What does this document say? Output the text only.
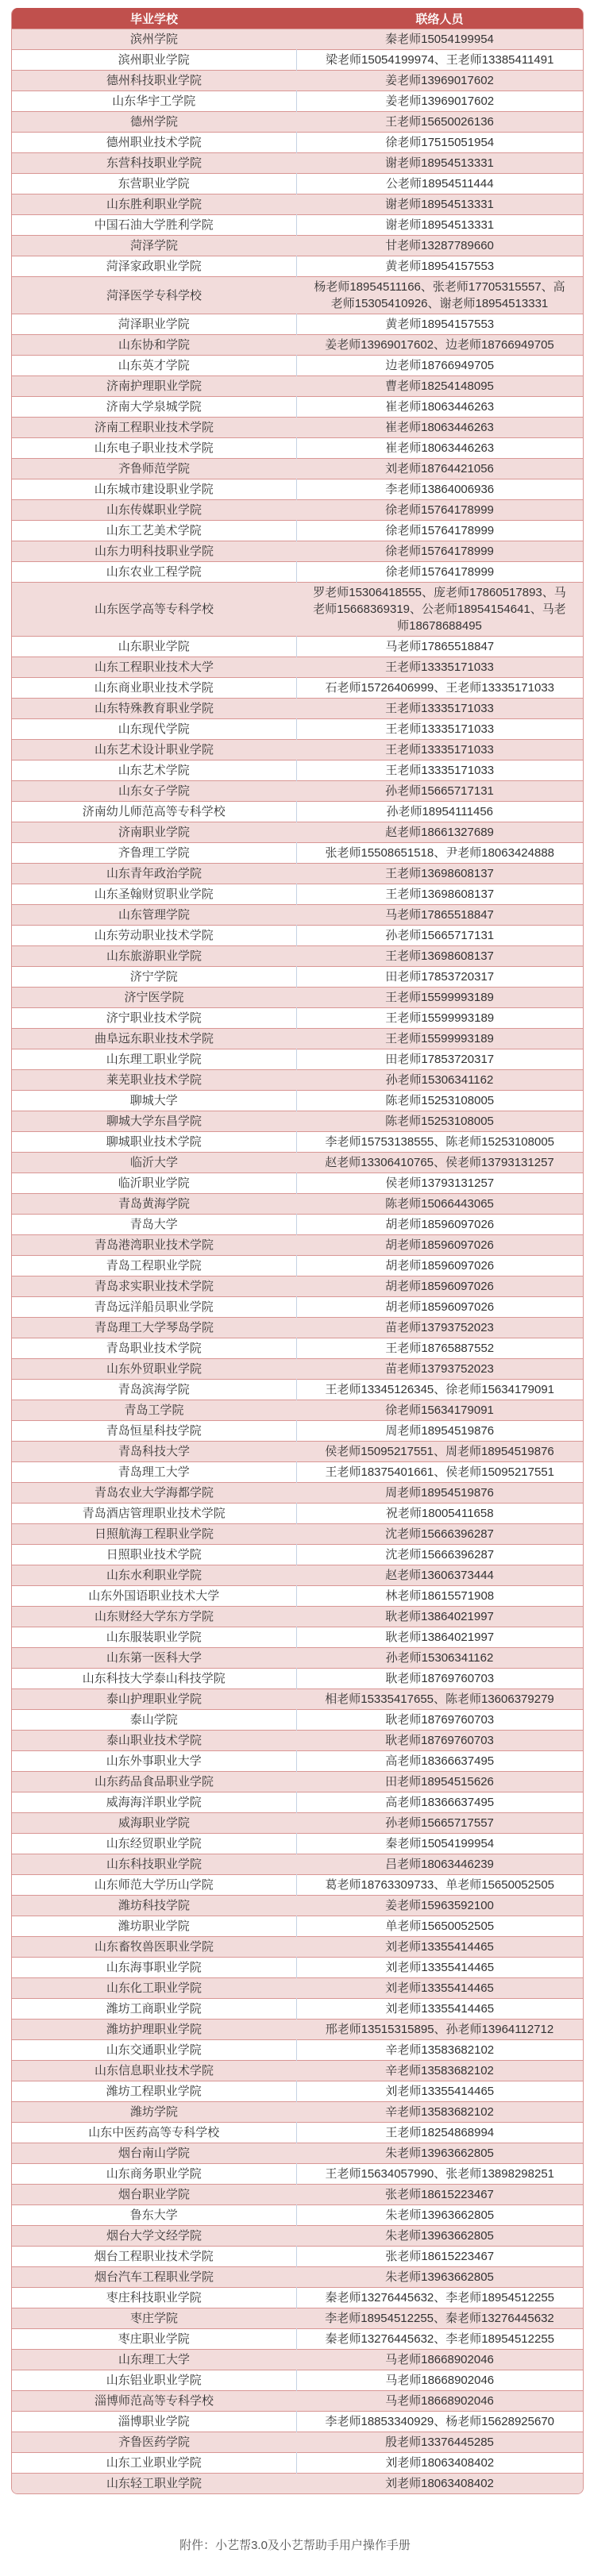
毕业学校	联络人员
滨州学院	秦老师15054199954
滨州职业学院	梁老师15054199974、王老师13385411491
德州科技职业学院	姜老师13969017602
山东华宇工学院	姜老师13969017602
德州学院	王老师15650026136
德州职业技术学院	徐老师17515051954
东营科技职业学院	谢老师18954513331
东营职业学院	公老师18954511444
山东胜利职业学院	谢老师18954513331
中国石油大学胜利学院	谢老师18954513331
菏泽学院	甘老师13287789660
菏泽家政职业学院	黄老师18954157553
菏泽医学专科学校	杨老师18954511166、张老师17705315557、高老师15305410926、谢老师18954513331
菏泽职业学院	黄老师18954157553
山东协和学院	姜老师13969017602、边老师18766949705
山东英才学院	边老师18766949705
济南护理职业学院	曹老师18254148095
济南大学泉城学院	崔老师18063446263
济南工程职业技术学院	崔老师18063446263
山东电子职业技术学院	崔老师18063446263
齐鲁师范学院	刘老师18764421056
山东城市建设职业学院	李老师13864006936
山东传媒职业学院	徐老师15764178999
山东工艺美术学院	徐老师15764178999
山东力明科技职业学院	徐老师15764178999
山东农业工程学院	徐老师15764178999
山东医学高等专科学校	罗老师15306418555、庞老师17860517893、马老师15668369319、公老师18954154641、马老师18678688495
山东职业学院	马老师17865518847
山东工程职业技术大学	王老师13335171033
山东商业职业技术学院	石老师15726406999、王老师13335171033
山东特殊教育职业学院	王老师13335171033
山东现代学院	王老师13335171033
山东艺术设计职业学院	王老师13335171033
山东艺术学院	王老师13335171033
山东女子学院	孙老师15665717131
济南幼儿师范高等专科学校	孙老师18954111456
济南职业学院	赵老师18661327689
齐鲁理工学院	张老师15508651518、尹老师18063424888
山东青年政治学院	王老师13698608137
山东圣翰财贸职业学院	王老师13698608137
山东管理学院	马老师17865518847
山东劳动职业技术学院	孙老师15665717131
山东旅游职业学院	王老师13698608137
济宁学院	田老师17853720317
济宁医学院	王老师15599993189
济宁职业技术学院	王老师15599993189
曲阜远东职业技术学院	王老师15599993189
山东理工职业学院	田老师17853720317
莱芜职业技术学院	孙老师15306341162
聊城大学	陈老师15253108005
聊城大学东昌学院	陈老师15253108005
聊城职业技术学院	李老师15753138555、陈老师15253108005
临沂大学	赵老师13306410765、侯老师13793131257
临沂职业学院	侯老师13793131257
青岛黄海学院	陈老师15066443065
青岛大学	胡老师18596097026
青岛港湾职业技术学院	胡老师18596097026
青岛工程职业学院	胡老师18596097026
青岛求实职业技术学院	胡老师18596097026
青岛远洋船员职业学院	胡老师18596097026
青岛理工大学琴岛学院	苗老师13793752023
青岛职业技术学院	王老师18765887552
山东外贸职业学院	苗老师13793752023
青岛滨海学院	王老师13345126345、徐老师15634179091
青岛工学院	徐老师15634179091
青岛恒星科技学院	周老师18954519876
青岛科技大学	侯老师15095217551、周老师18954519876
青岛理工大学	王老师18375401661、侯老师15095217551
青岛农业大学海都学院	周老师18954519876
青岛酒店管理职业技术学院	祝老师18005411658
日照航海工程职业学院	沈老师15666396287
日照职业技术学院	沈老师15666396287
山东水利职业学院	赵老师13606373444
山东外国语职业技术大学	林老师18615571908
山东财经大学东方学院	耿老师13864021997
山东服装职业学院	耿老师13864021997
山东第一医科大学	孙老师15306341162
山东科技大学泰山科技学院	耿老师18769760703
泰山护理职业学院	相老师15335417655、陈老师13606379279
泰山学院	耿老师18769760703
泰山职业技术学院	耿老师18769760703
山东外事职业大学	高老师18366637495
山东药品食品职业学院	田老师18954515626
威海海洋职业学院	高老师18366637495
威海职业学院	孙老师15665717557
山东经贸职业学院	秦老师15054199954
山东科技职业学院	吕老师18063446239
山东师范大学历山学院	葛老师18763309733、单老师15650052505
潍坊科技学院	姜老师15963592100
潍坊职业学院	单老师15650052505
山东畜牧兽医职业学院	刘老师13355414465
山东海事职业学院	刘老师13355414465
山东化工职业学院	刘老师13355414465
潍坊工商职业学院	刘老师13355414465
潍坊护理职业学院	邢老师13515315895、孙老师13964112712
山东交通职业学院	辛老师13583682102
山东信息职业技术学院	辛老师13583682102
潍坊工程职业学院	刘老师13355414465
潍坊学院	辛老师13583682102
山东中医药高等专科学校	王老师18254868994
烟台南山学院	朱老师13963662805
山东商务职业学院	王老师15634057990、张老师13898298251
烟台职业学院	张老师18615223467
鲁东大学	朱老师13963662805
烟台大学文经学院	朱老师13963662805
烟台工程职业技术学院	张老师18615223467
烟台汽车工程职业学院	朱老师13963662805
枣庄科技职业学院	秦老师13276445632、李老师18954512255
枣庄学院	李老师18954512255、秦老师13276445632
枣庄职业学院	秦老师13276445632、李老师18954512255
山东理工大学	马老师18668902046
山东铝业职业学院	马老师18668902046
淄博师范高等专科学校	马老师18668902046
淄博职业学院	李老师18853340929、杨老师15628925670
齐鲁医药学院	殷老师13376445285
山东工业职业学院	刘老师18063408402
山东轻工职业学院	刘老师18063408402
附件：小艺帮3.0及小艺帮助手用户操作手册
